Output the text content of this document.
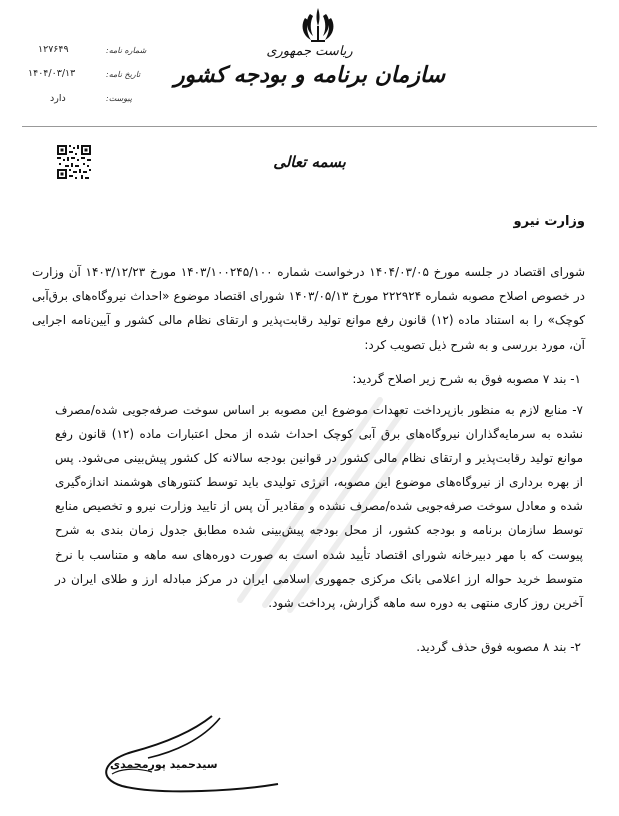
ریاست جمهوری
سازمان برنامه و بودجه کشور
شماره نامه:
۱۲۷۶۴۹
تاریخ نامه:
۱۴۰۴/۰۳/۱۳
پیوست:
دارد
بسمه تعالی
وزارت نیرو
شورای اقتصاد در جلسه مورخ ۱۴۰۴/۰۳/۰۵ درخواست شماره ۱۴۰۳/۱۰۰۲۴۵/۱۰۰ مورخ ۱۴۰۳/۱۲/۲۳ آن وزارت در خصوص اصلاح مصوبه شماره ۲۲۲۹۲۴ مورخ ۱۴۰۳/۰۵/۱۳ شورای اقتصاد موضوع «احداث نیروگاه‌های برق‌آبی کوچک» را به استناد ماده (۱۲) قانون رفع موانع تولید رقابت‌پذیر و ارتقای نظام مالی کشور و آیین‌نامه اجرایی آن، مورد بررسی و به شرح ذیل تصویب کرد:
۱- بند ۷ مصوبه فوق به شرح زیر اصلاح گردید:
۷- منابع لازم به منظور بازپرداخت تعهدات موضوع این مصوبه بر اساس سوخت صرفه‌جویی شده/مصرف نشده به سرمایه‌گذاران نیروگاه‌های برق آبی کوچک احداث شده از محل اعتبارات ماده (۱۲) قانون رفع موانع تولید رقابت‌پذیر و ارتقای نظام مالی کشور در قوانین بودجه سالانه کل کشور پیش‌بینی می‌شود. پس از بهره برداری از نیروگاه‌های موضوع این مصوبه، انرژی تولیدی باید توسط کنتورهای هوشمند اندازه‌گیری شده و معادل سوخت صرفه‌جویی شده/مصرف نشده و مقادیر آن پس از تایید وزارت نیرو و تخصیص منابع توسط سازمان برنامه و بودجه کشور، از محل بودجه پیش‌بینی شده مطابق جدول زمان بندی به شرح پیوست که با مهر دبیرخانه شورای اقتصاد تأیید شده است به صورت دوره‌های سه ماهه و متناسب با نرخ متوسط خرید حواله ارز اعلامی بانک مرکزی جمهوری اسلامی ایران در مرکز مبادله ارز و طلای ایران در آخرین روز کاری منتهی به دوره سه ماهه گزارش، پرداخت شود.
۲- بند ۸ مصوبه فوق حذف گردید.
سیدحمید پورمحمدی
